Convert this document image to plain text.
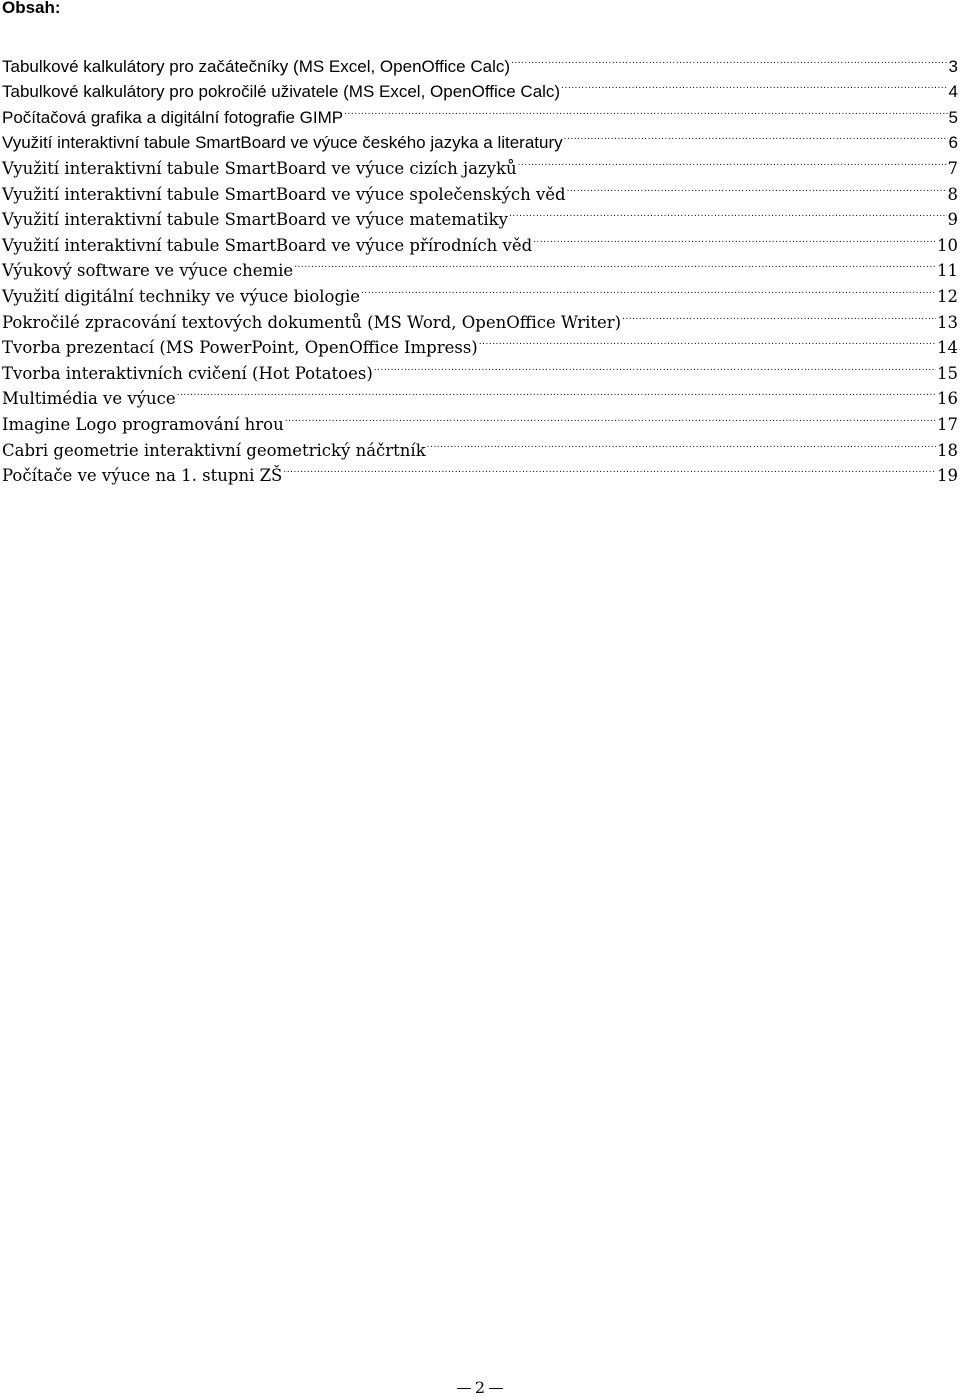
Obsah:
Tabulkové kalkulátory pro začátečníky (MS Excel, OpenOffice Calc) .....	3
Tabulkové kalkulátory pro pokročilé uživatele (MS Excel, OpenOffice Calc) .....	4
Počítačová grafika a digitální fotografie GIMP .....	5
Využití interaktivní tabule SmartBoard ve výuce českého jazyka a literatury .....	6
Využití interaktivní tabule SmartBoard ve výuce cizích jazyků .....	7
Využití interaktivní tabule SmartBoard ve výuce společenských věd .....	8
Využití interaktivní tabule SmartBoard ve výuce matematiky .....	9
Využití interaktivní tabule SmartBoard ve výuce přírodních věd .....	10
Výukový software ve výuce chemie .....	11
Využití digitální techniky ve výuce biologie .....	12
Pokročilé zpracování textových dokumentů (MS Word, OpenOffice Writer) .....	13
Tvorba prezentací (MS PowerPoint, OpenOffice Impress) .....	14
Tvorba interaktivních cvičení (Hot Potatoes) .....	15
Multimédia ve výuce .....	16
Imagine Logo programování hrou .....	17
Cabri geometrie interaktivní geometrický náčrtník .....	18
Počítače ve výuce na 1. stupni ZŠ .....	19
2
